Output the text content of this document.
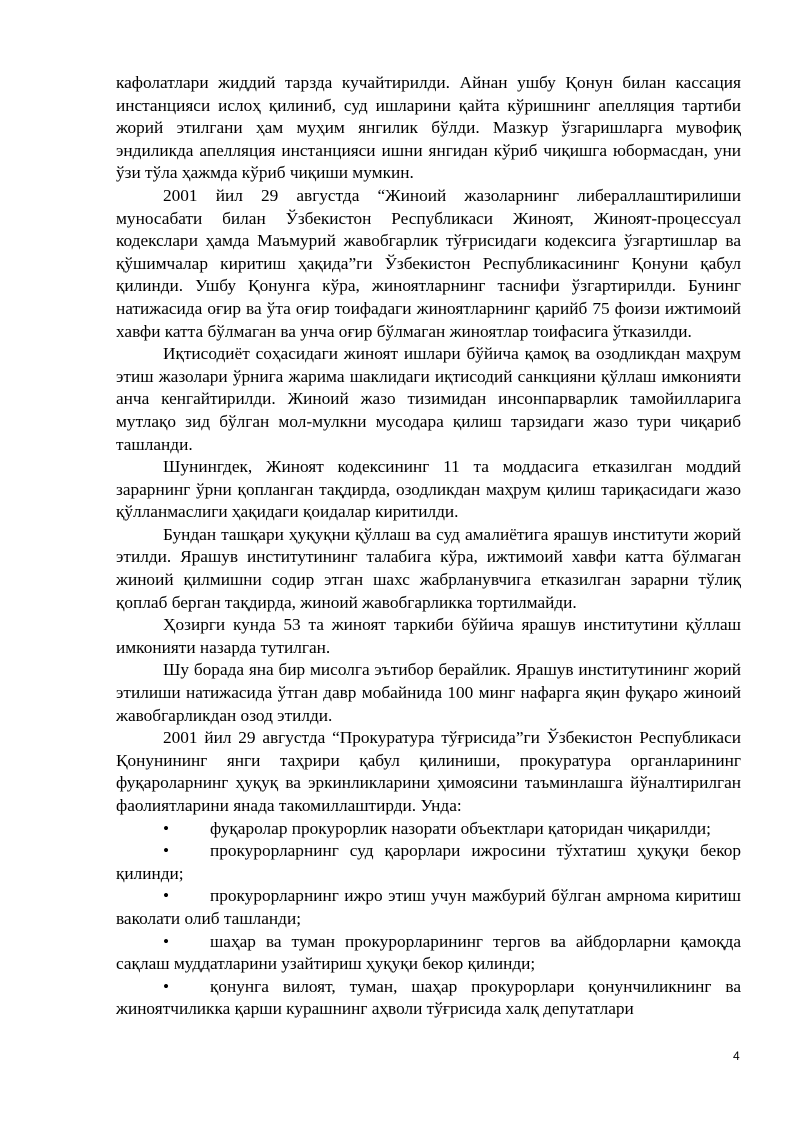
кафолатлари жиддий тарзда кучайтирилди. Айнан ушбу Қонун билан кассация инстанцияси ислоҳ қилиниб, суд ишларини қайта кўришнинг апелляция тартиби жорий этилгани ҳам муҳим янгилик бўлди. Мазкур ўзгаришларга мувофиқ эндиликда апелляция инстанцияси ишни янгидан кўриб чиқишга юбормасдан, уни ўзи тўла ҳажмда кўриб чиқиши мумкин.

2001 йил 29 августда “Жиноий жазоларнинг либераллаштирилиши муносабати билан Ўзбекистон Республикаси Жиноят, Жиноят-процессуал кодекслари ҳамда Маъмурий жавобгарлик тўғрисидаги кодексига ўзгартишлар ва қўшимчалар киритиш ҳақида”ги Ўзбекистон Республикасининг Қонуни қабул қилинди. Ушбу Қонунга кўра, жиноятларнинг таснифи ўзгартирилди. Бунинг натижасида оғир ва ўта оғир тоифадаги жиноятларнинг қарийб 75 фоизи ижтимоий хавфи катта бўлмаган ва унча оғир бўлмаган жиноятлар тоифасига ўтказилди.

Иқтисодиёт соҳасидаги жиноят ишлари бўйича қамоқ ва озодликдан маҳрум этиш жазолари ўрнига жарима шаклидаги иқтисодий санкцияни қўллаш имконияти анча кенгайтирилди. Жиноий жазо тизимидан инсонпарварлик тамойилларига мутлақо зид бўлган мол-мулкни мусодара қилиш тарзидаги жазо тури чиқариб ташланди.

Шунингдек, Жиноят кодексининг 11 та моддасига етказилган моддий зарарнинг ўрни қопланган тақдирда, озодликдан маҳрум қилиш тариқасидаги жазо қўлланмаслиги ҳақидаги қоидалар киритилди.

Бундан ташқари ҳуқуқни қўллаш ва суд амалиётига ярашув институти жорий этилди. Ярашув институтининг талабига кўра, ижтимоий хавфи катта бўлмаган жиноий қилмишни содир этган шахс жабрланувчига етказилган зарарни тўлиқ қоплаб берган тақдирда, жиноий жавобгарликка тортилмайди.

Ҳозирги кунда 53 та жиноят таркиби бўйича ярашув институтини қўллаш имконияти назарда тутилган.

Шу борада яна бир мисолга эътибор берайлик. Ярашув институтининг жорий этилиши натижасида ўтган давр мобайнида 100 минг нафарга яқин фуқаро жиноий жавобгарликдан озод этилди.

2001 йил 29 августда “Прокуратура тўғрисида”ги Ўзбекистон Республикаси Қонунининг янги таҳрири қабул қилиниши, прокуратура органларининг фуқароларнинг ҳуқуқ ва эркинликларини ҳимоясини таъминлашга йўналтирилган фаолиятларини янада такомиллаштирди. Унда:

• фуқаролар прокурорлик назорати объектлари қаторидан чиқарилди;

• прокурорларнинг суд қарорлари ижросини тўхтатиш ҳуқуқи бекор қилинди;

• прокурорларнинг ижро этиш учун мажбурий бўлган амрнома киритиш ваколати олиб ташланди;

• шаҳар ва туман прокурорларининг тергов ва айбдорларни қамоқда сақлаш муддатларини узайтириш ҳуқуқи бекор қилинди;

• қонунга вилоят, туман, шаҳар прокурорлари қонунчиликнинг ва жиноятчиликка қарши курашнинг аҳволи тўғрисида халқ депутатлари

4
